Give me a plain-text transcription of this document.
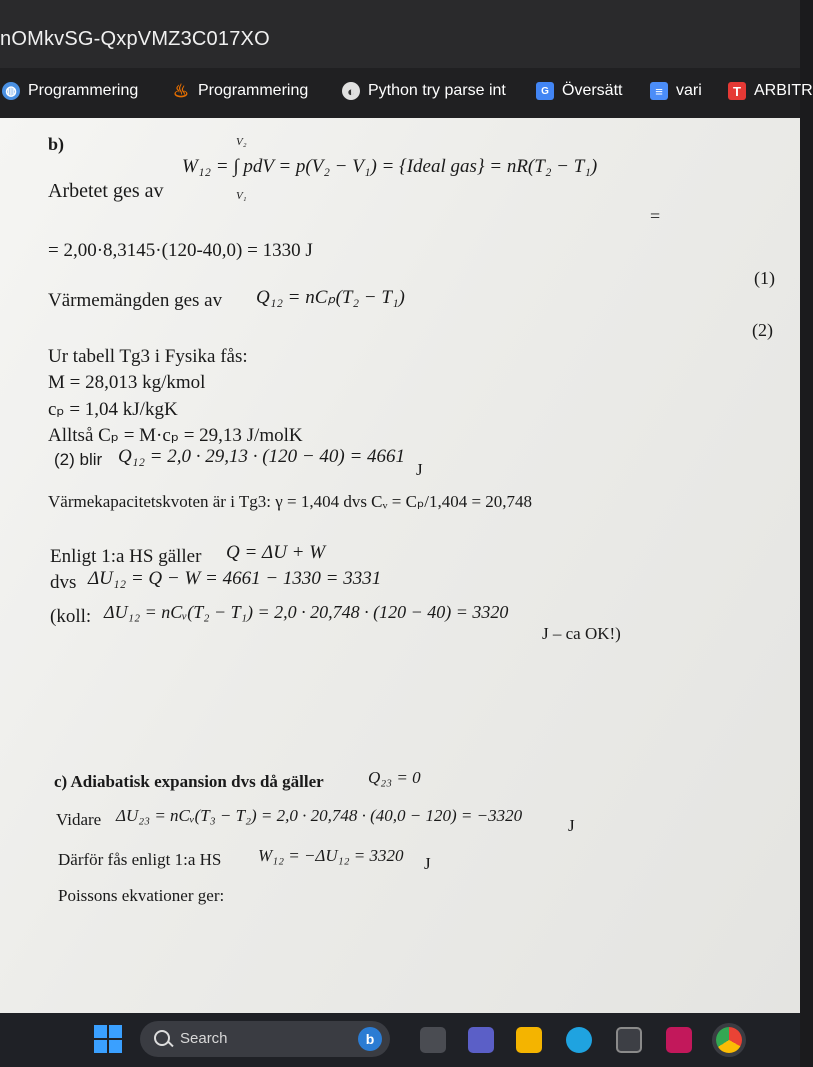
nOMkvSG-QxpVMZ3C017XO
◍ Programmering ♨ Programmering	◐ Python try parse int	G Översätt	≡ vari	T ARBITR
b)	V₂
V₁
W₁₂ = ∫ pdV = p(V₂ − V₁) = {Ideal gas} = nR(T₂ − T₁)
Arbetet ges av
=
= 2,00·8,3145·(120-40,0) = 1330 J
(1)
Värmemängden ges av Q₁₂ = nCₚ(T₂ − T₁)
(2)
Ur tabell Tg3 i Fysika fås:
M = 28,013 kg/kmol
cₚ = 1,04 kJ/kgK
Alltså Cₚ = M·cₚ = 29,13 J/molK
(2) blir Q₁₂ = 2,0 · 29,13 · (120 − 40) = 4661
J
Värmekapacitetskvoten är i Tg3: γ = 1,404 dvs Cᵥ = Cₚ/1,404 = 20,748
Enligt 1:a HS gäller Q = ΔU + W
dvs ΔU₁₂ = Q − W = 4661 − 1330 = 3331
(koll: ΔU₁₂ = nCᵥ(T₂ − T₁) = 2,0 · 20,748 · (120 − 40) = 3320
J – ca OK!)
c) Adiabatisk expansion dvs då gäller	Q₂₃ = 0
Vidare ΔU₂₃ = nCᵥ(T₃ − T₂) = 2,0 · 20,748 · (40,0 − 120) = −3320
J
Därför fås enligt 1:a HS W₁₂ = −ΔU₁₂ = 3320 J
Poissons ekvationer ger:
Search	b
